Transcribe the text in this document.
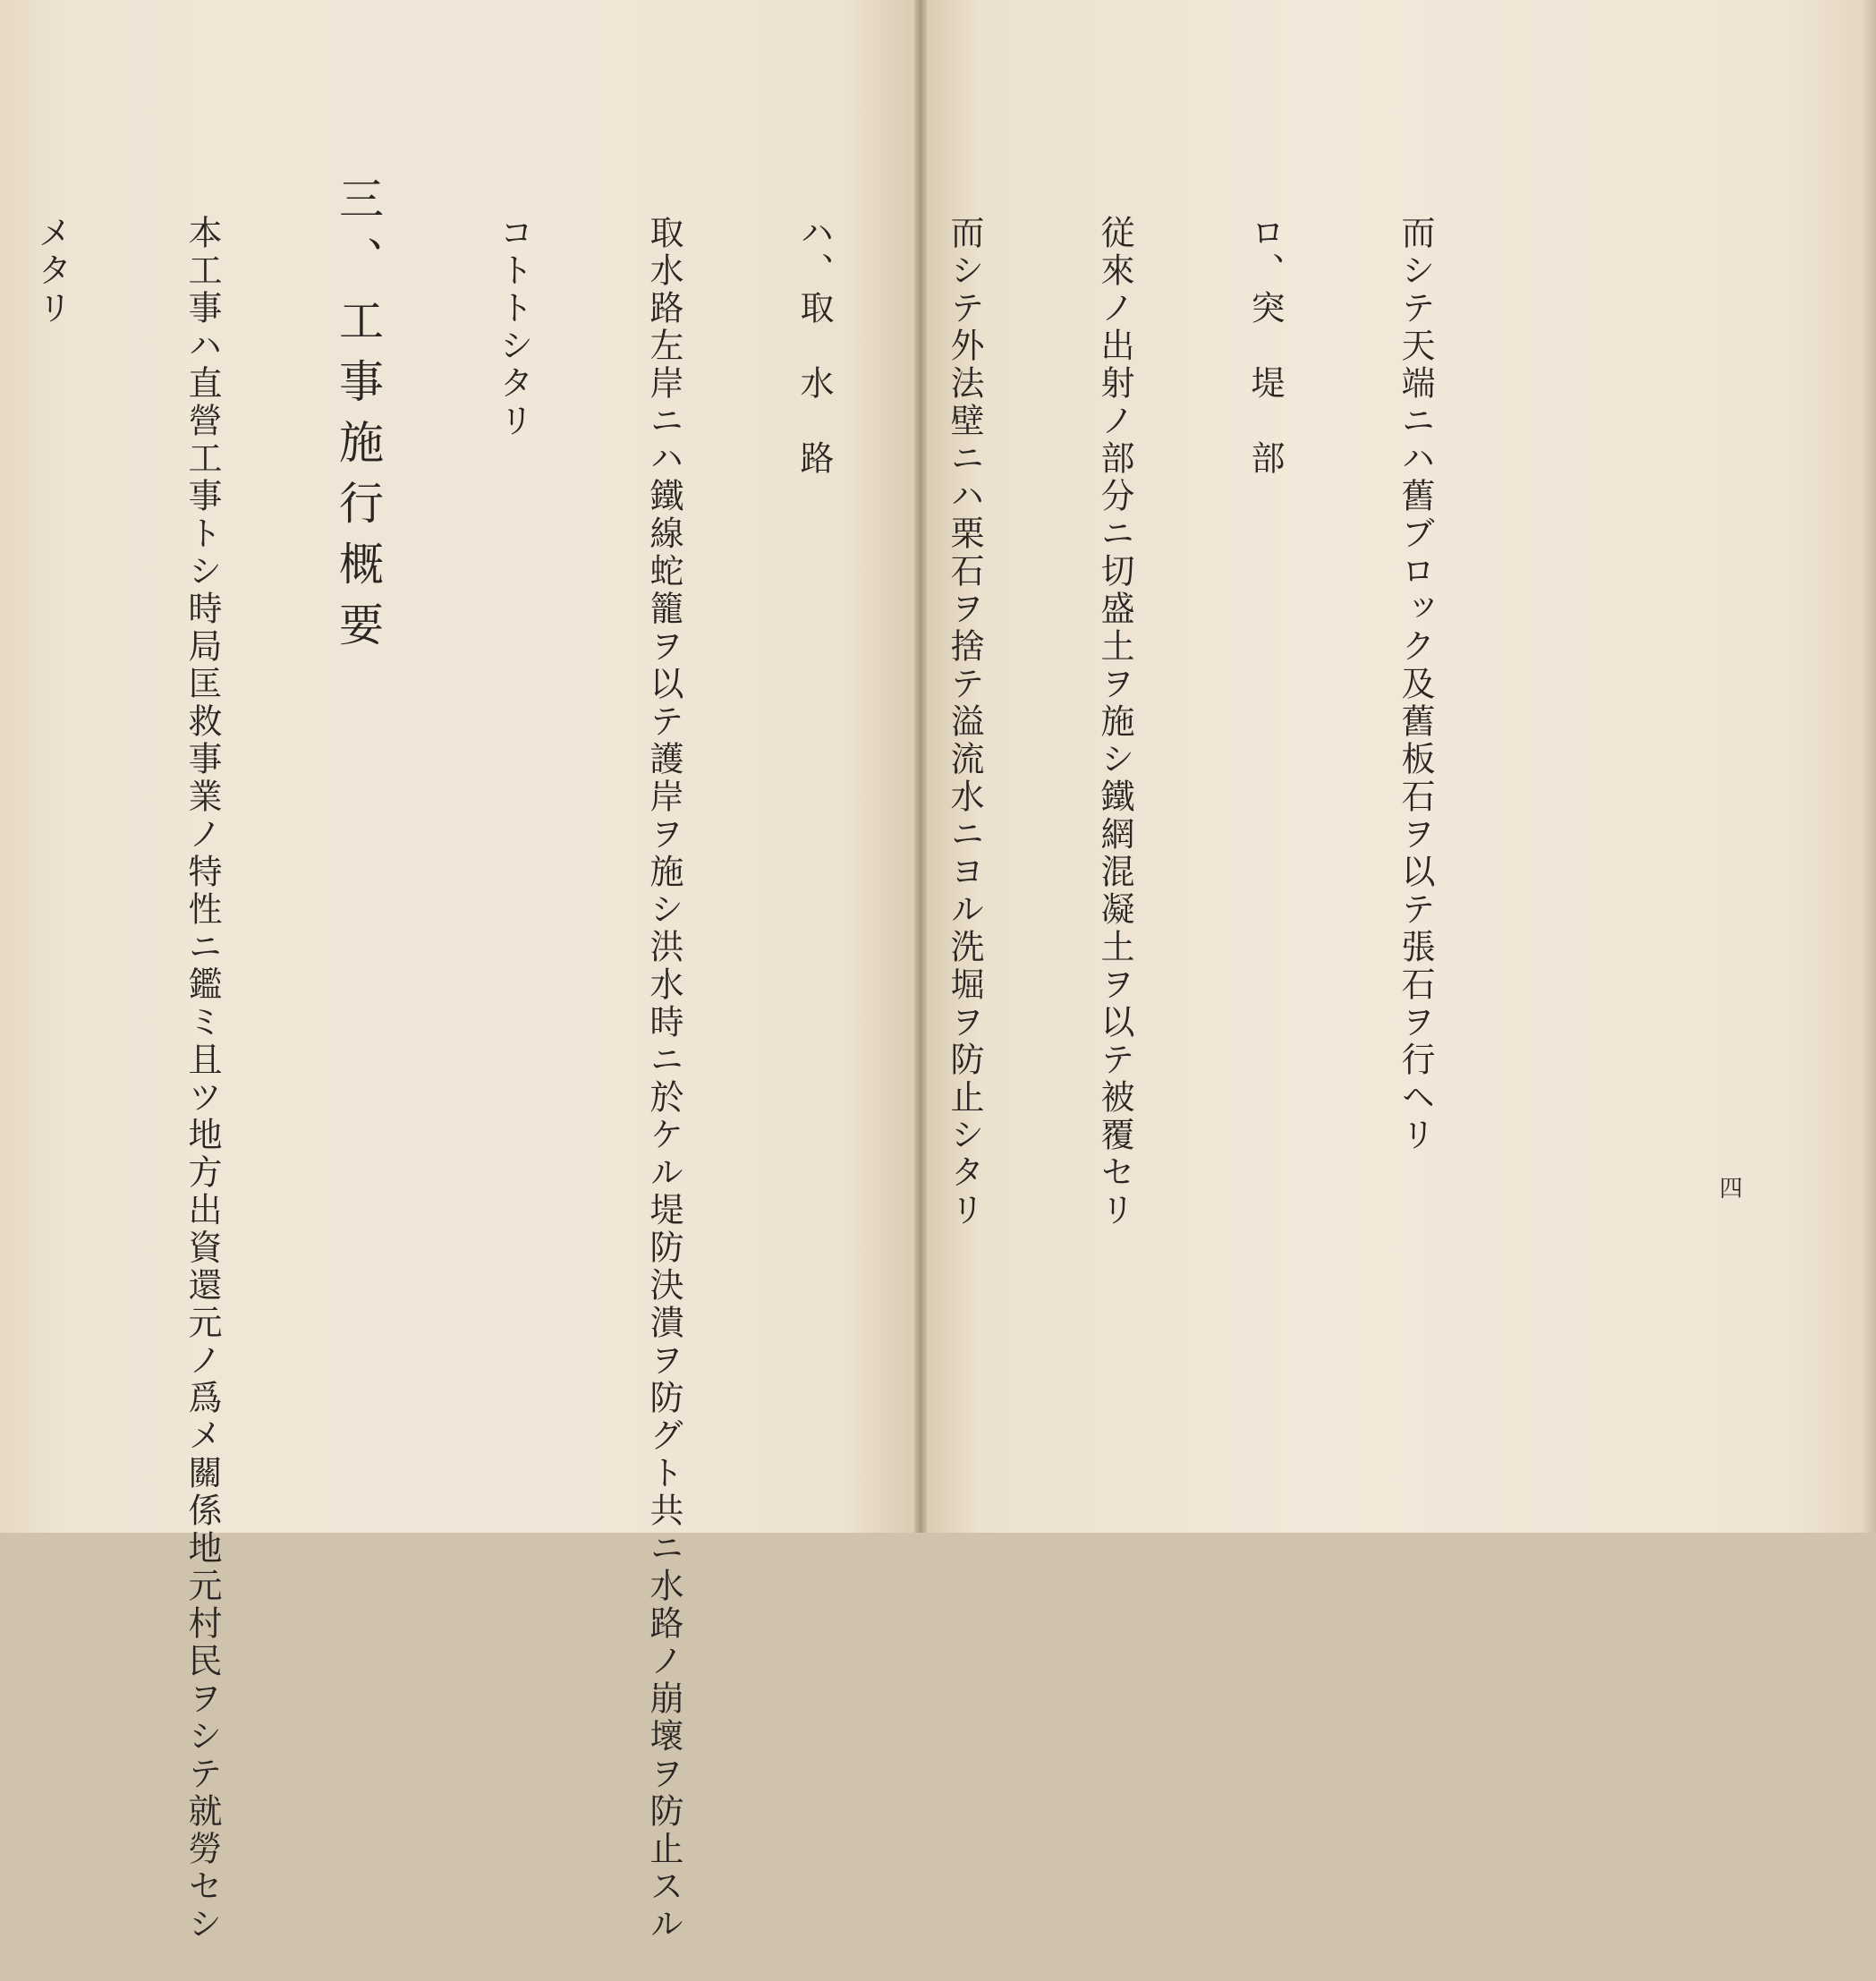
而シテ天端ニハ舊ブロック及舊板石ヲ以テ張石ヲ行ヘリ

ロ、突　堤　部

従來ノ出射ノ部分ニ切盛土ヲ施シ鐵網混凝土ヲ以テ被覆セリ

而シテ外法壁ニハ栗石ヲ捨テ溢流水ニヨル洗堀ヲ防止シタリ

ハ、取　水　路

取水路左岸ニハ鐵線蛇籠ヲ以テ護岸ヲ施シ洪水時ニ於ケル堤防決潰ヲ防グト共ニ水路ノ崩壞ヲ防止スル

コトトシタリ

三、工事施行概要

本工事ハ直營工事トシ時局匡救事業ノ特性ニ鑑ミ且ツ地方出資還元ノ爲メ關係地元村民ヲシテ就勞セシ

メタリ

四
